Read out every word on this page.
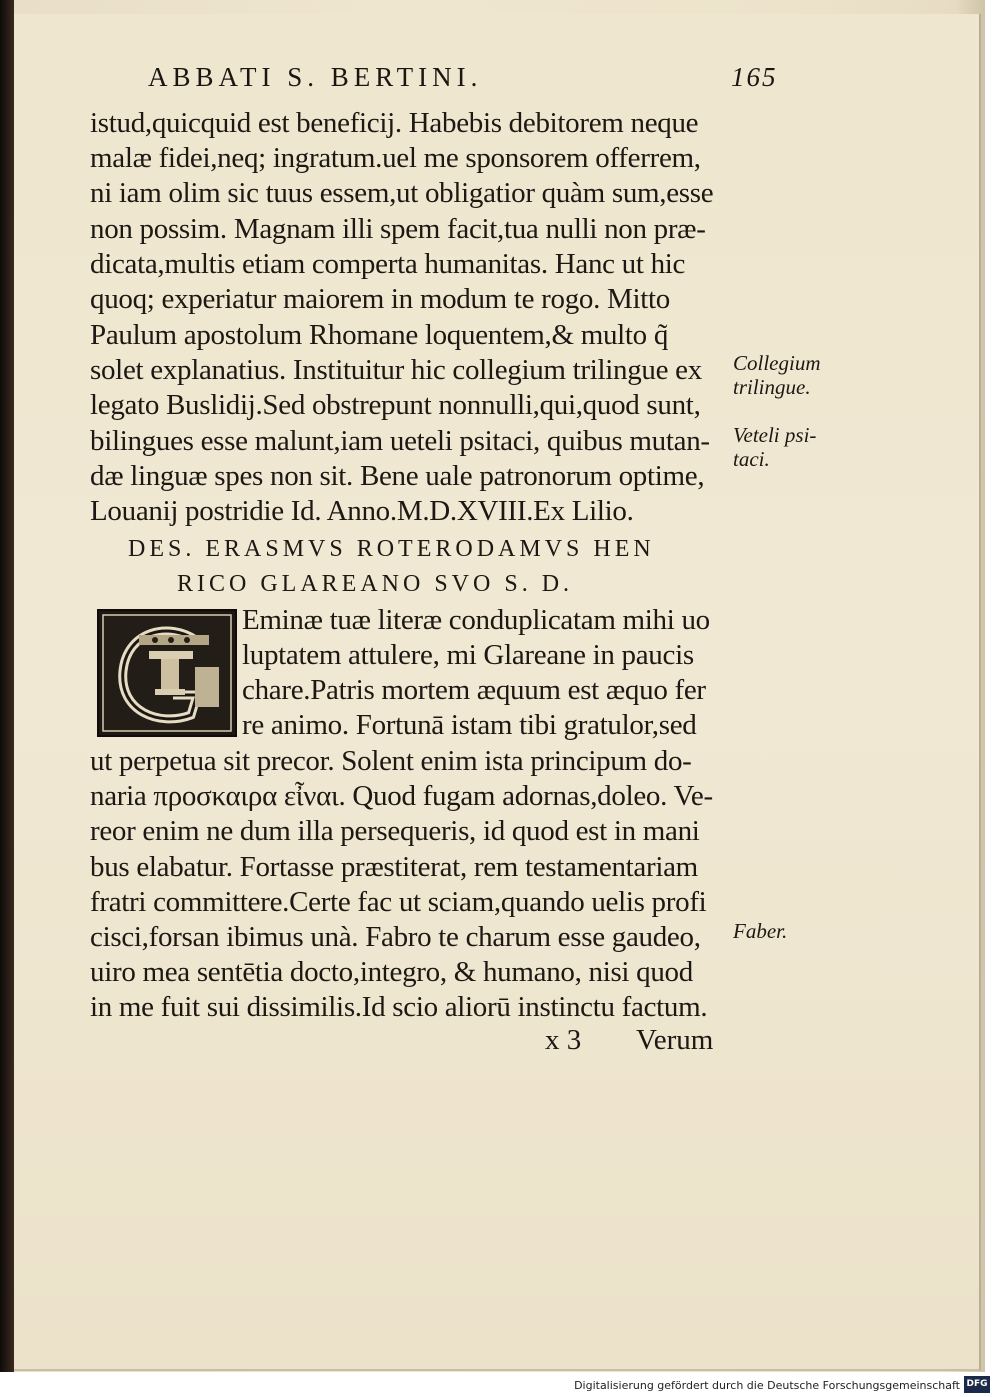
ABBATI S. BERTINI.	165
istud,quicquid est beneficij. Habebis debitorem neque
malæ fidei,neq; ingratum.uel me sponsorem offerrem,
ni iam olim sic tuus essem,ut obligatior quàm sum,esse
non possim. Magnam illi spem facit,tua nulli non præ-
dicata,multis etiam comperta humanitas. Hanc ut hic
quoq; experiatur maiorem in modum te rogo. Mitto
Paulum apostolum Rhomane loquentem,& multo q̃
solet explanatius. Instituitur hic collegium trilingue ex
legato Buslidij.Sed obstrepunt nonnulli,qui,quod sunt,
bilingues esse malunt,iam ueteli psitaci, quibus mutan-
dæ linguæ spes non sit. Bene uale patronorum optime,
Louanij postridie Id. Anno.M.D.XVIII.Ex Lilio.
Collegium
trilingue.
Veteli psi-
taci.
Faber.
DES. ERASMVS ROTERODAMVS HEN
RICO GLAREANO SVO S. D.
Eminæ tuæ literæ conduplicatam mihi uo
luptatem attulere, mi Glareane in paucis
chare.Patris mortem æquum est æquo fer
re animo. Fortunā istam tibi gratulor,sed
ut perpetua sit precor. Solent enim ista principum do-
naria προσκαιρα εἶναι. Quod fugam adornas,doleo. Ve-
reor enim ne dum illa persequeris, id quod est in mani
bus elabatur. Fortasse præstiterat, rem testamentariam
fratri committere.Certe fac ut sciam,quando uelis profi
cisci,forsan ibimus unà. Fabro te charum esse gaudeo,
uiro mea sentētia docto,integro, & humano, nisi quod
in me fuit sui dissimilis.Id scio aliorū instinctu factum.
x 3 Verum
Digitalisierung gefördert durch die Deutsche Forschungsgemeinschaft DFG
